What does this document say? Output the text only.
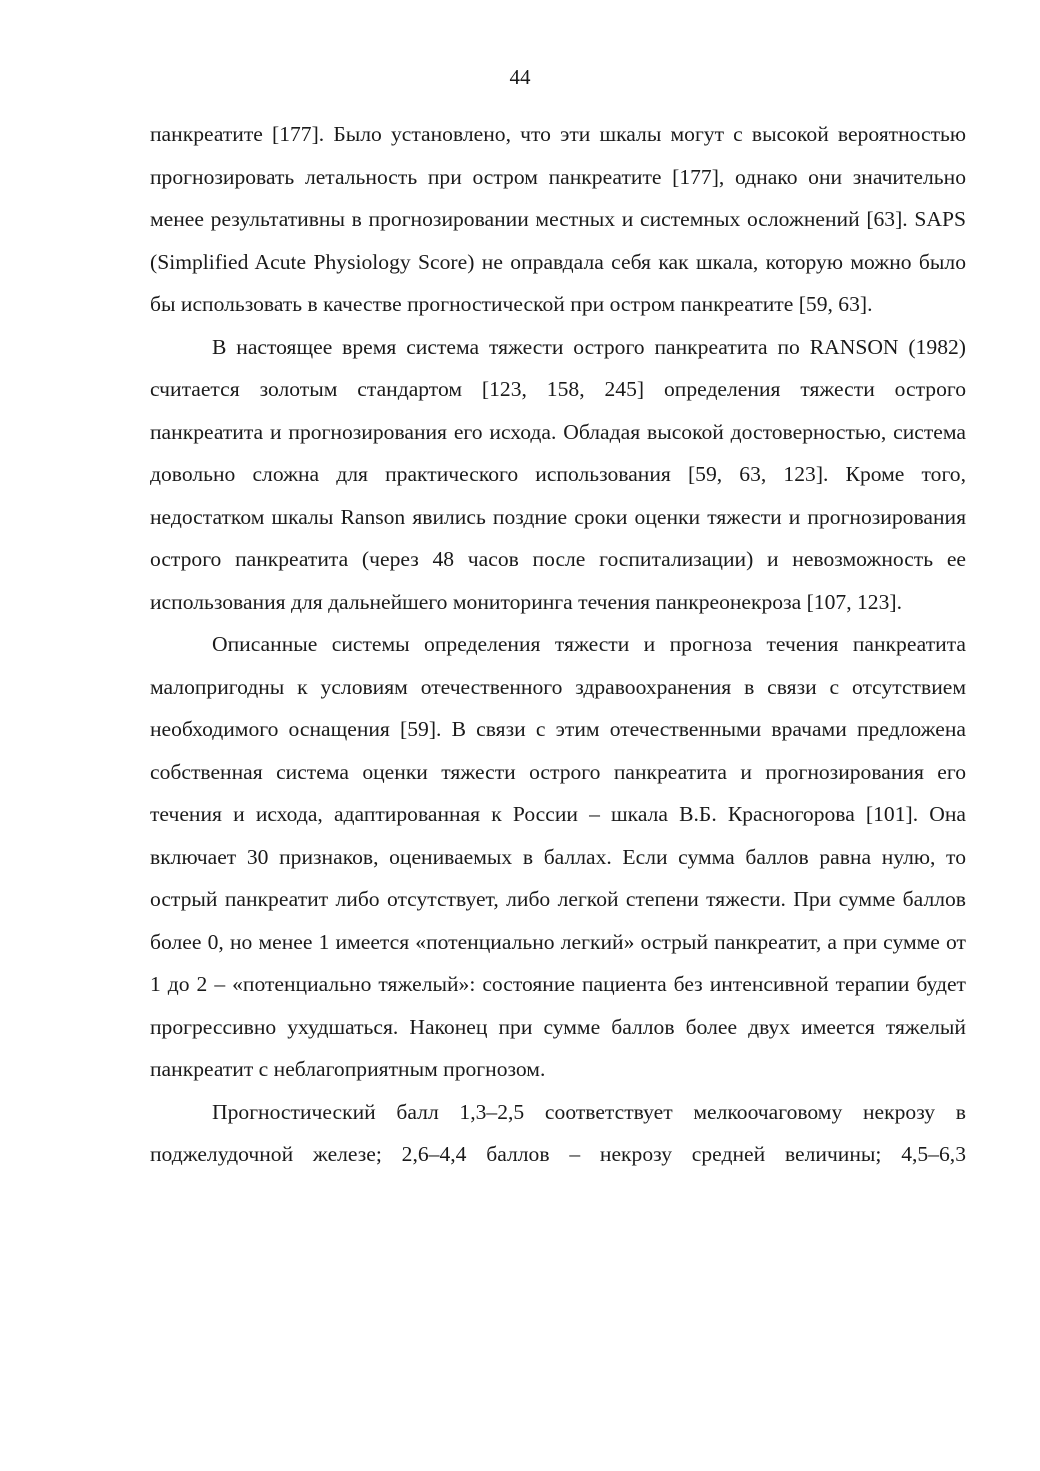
44

панкреатите [177]. Было установлено, что эти шкалы могут с высокой вероятностью прогнозировать летальность при остром панкреатите [177], однако они значительно менее результативны в прогнозировании местных и системных осложнений [63]. SAPS (Simplified Acute Physiology Score) не оправдала себя как шкала, которую можно было бы использовать в качестве прогностической при остром панкреатите [59, 63].

В настоящее время система тяжести острого панкреатита по RANSON (1982) считается золотым стандартом [123, 158, 245] определения тяжести острого панкреатита и прогнозирования его исхода. Обладая высокой достоверностью, система довольно сложна для практического использования [59, 63, 123]. Кроме того, недостатком шкалы Ranson явились поздние сроки оценки тяжести и прогнозирования острого панкреатита (через 48 часов после госпитализации) и невозможность ее использования для дальнейшего мониторинга течения панкреонекроза [107, 123].

Описанные системы определения тяжести и прогноза течения панкреатита малопригодны к условиям отечественного здравоохранения в связи с отсутствием необходимого оснащения [59]. В связи с этим отечественными врачами предложена собственная система оценки тяжести острого панкреатита и прогнозирования его течения и исхода, адаптированная к России – шкала В.Б. Красногорова [101]. Она включает 30 признаков, оцениваемых в баллах. Если сумма баллов равна нулю, то острый панкреатит либо отсутствует, либо легкой степени тяжести. При сумме баллов более 0, но менее 1 имеется «потенциально легкий» острый панкреатит, а при сумме от 1 до 2 – «потенциально тяжелый»: состояние пациента без интенсивной терапии будет прогрессивно ухудшаться. Наконец при сумме баллов более двух имеется тяжелый панкреатит с неблагоприятным прогнозом.

Прогностический балл 1,3–2,5 соответствует мелкоочаговому некрозу в поджелудочной железе; 2,6–4,4 баллов – некрозу средней величины; 4,5–6,3
